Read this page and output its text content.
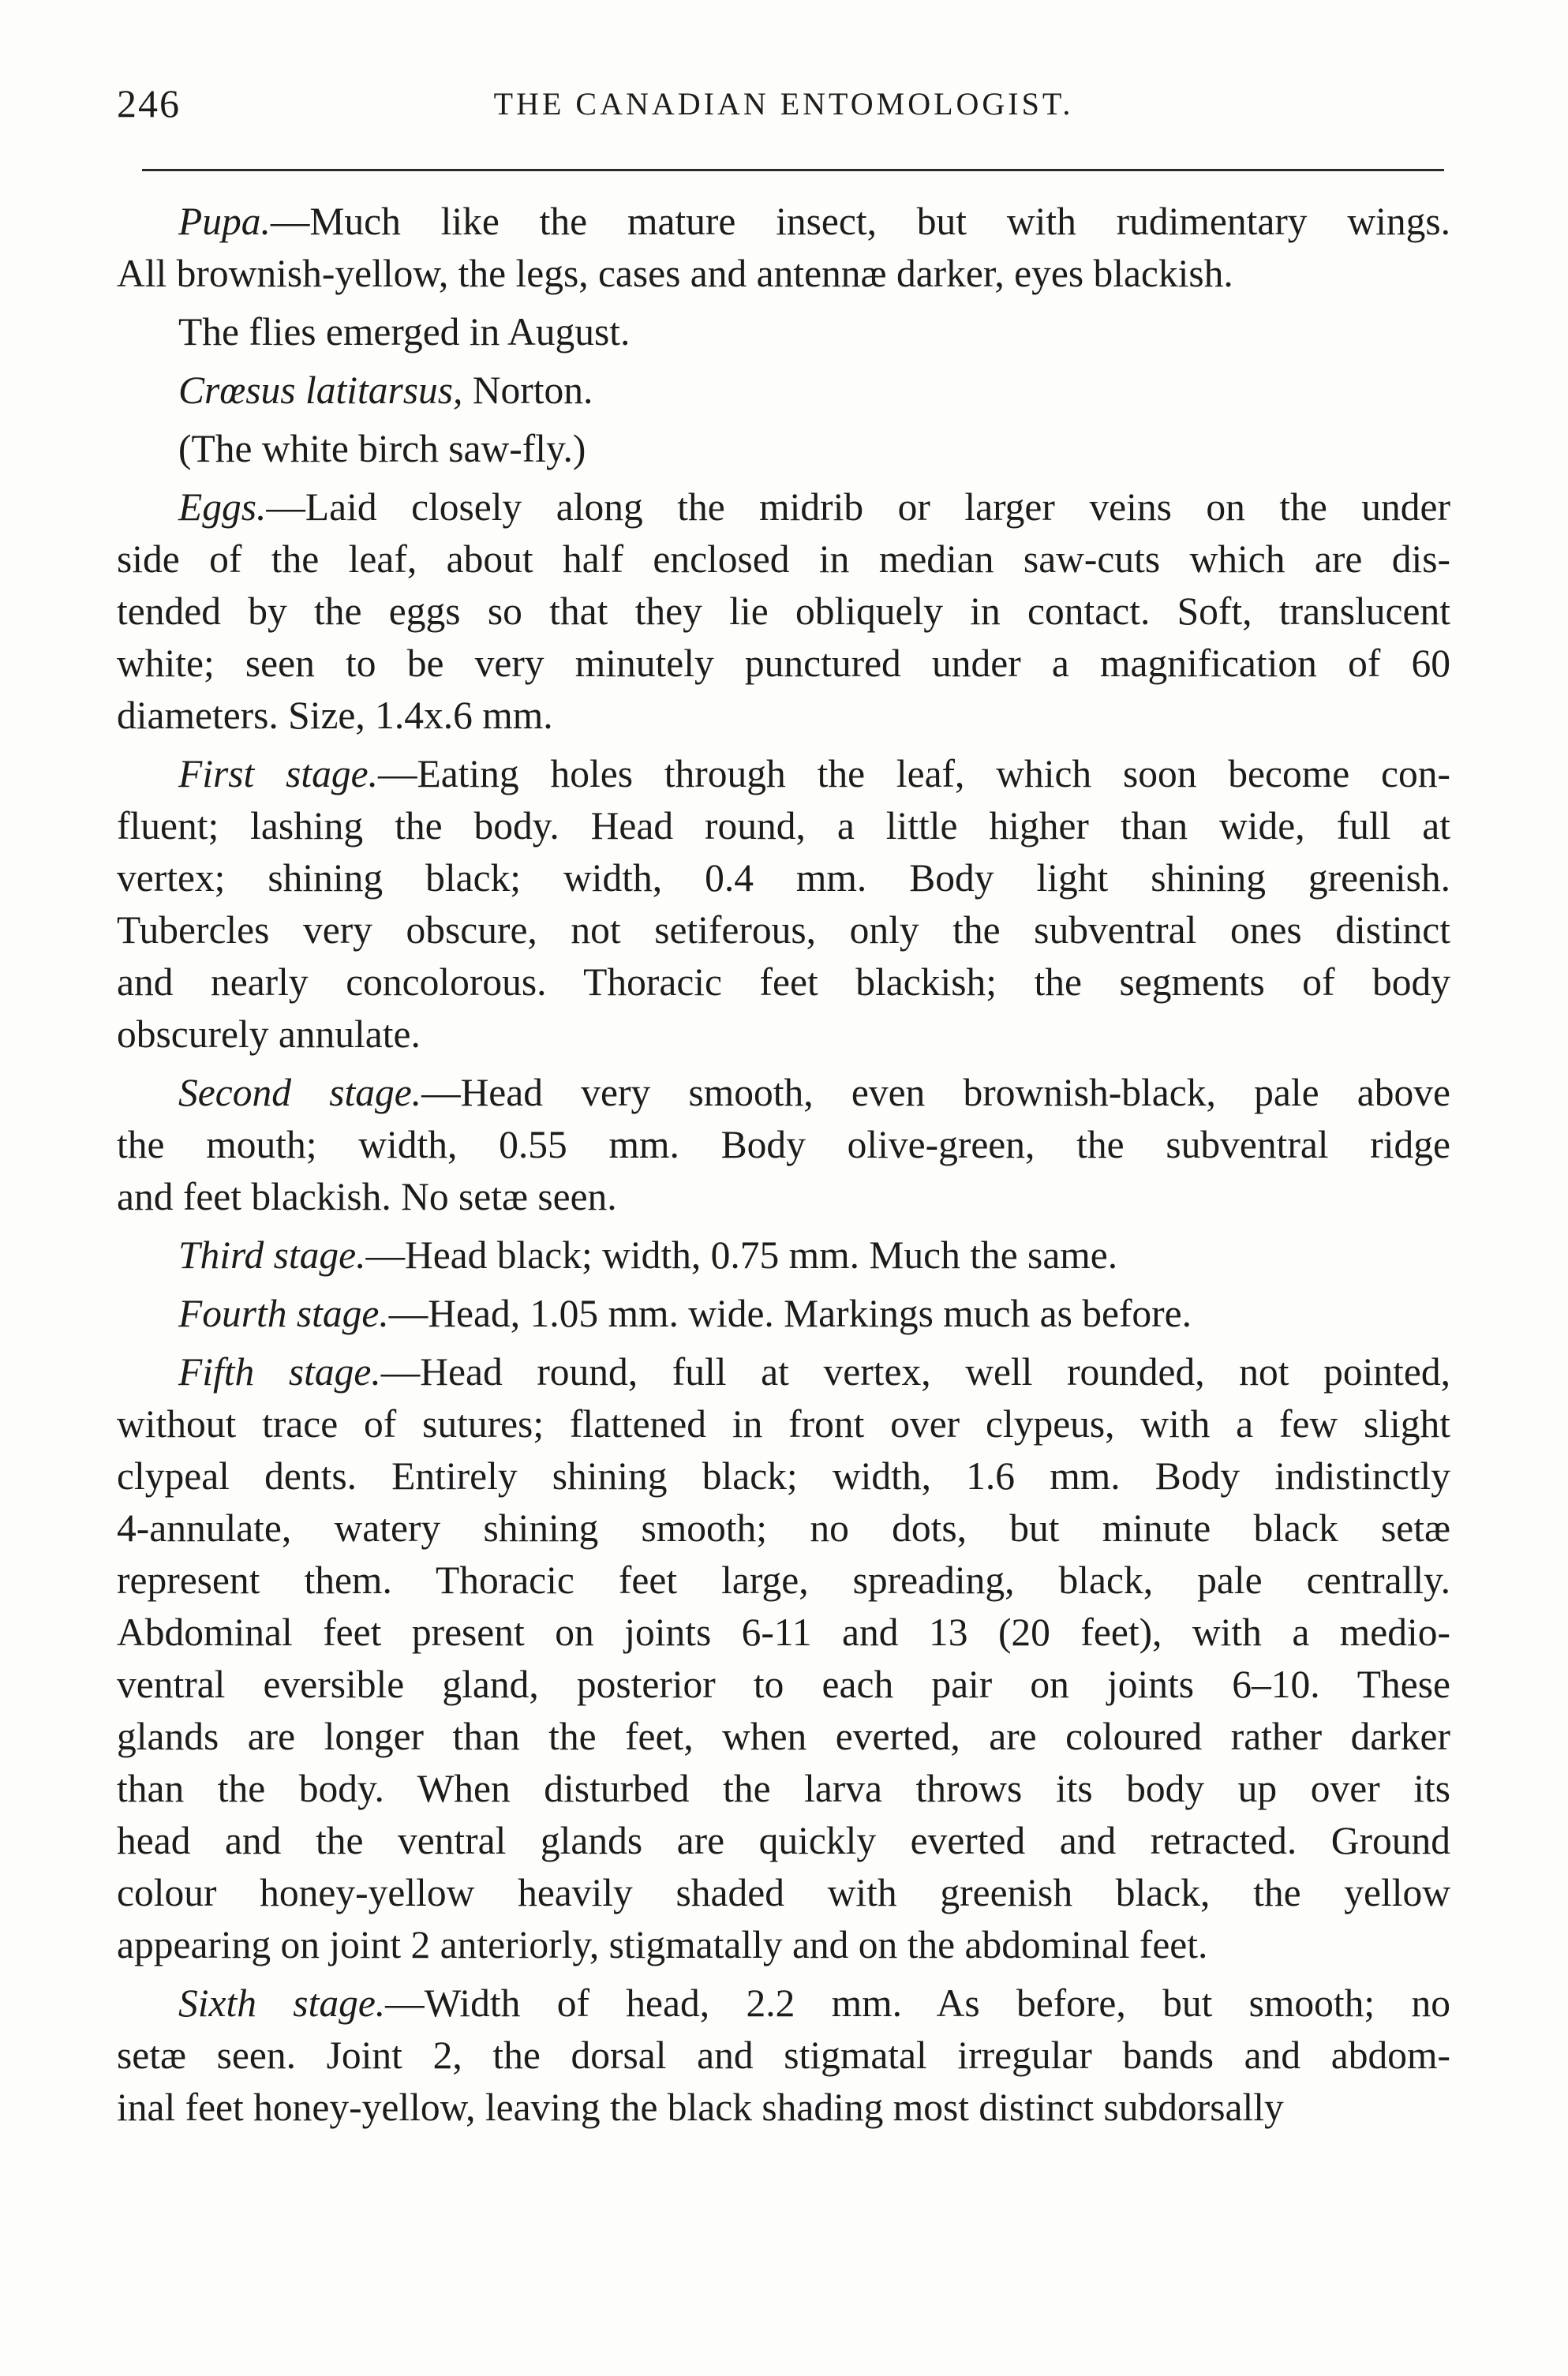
246	THE CANADIAN ENTOMOLOGIST.
Pupa.—Much like the mature insect, but with rudimentary wings.
All brownish-yellow, the legs, cases and antennæ darker, eyes blackish.
The flies emerged in August.
Crœsus latitarsus, Norton.
(The white birch saw-fly.)
Eggs.—Laid closely along the midrib or larger veins on the under
side of the leaf, about half enclosed in median saw-cuts which are dis-
tended by the eggs so that they lie obliquely in contact. Soft, translucent
white; seen to be very minutely punctured under a magnification of 60
diameters. Size, 1.4x.6 mm.
First stage.—Eating holes through the leaf, which soon become con-
fluent; lashing the body. Head round, a little higher than wide, full at
vertex; shining black; width, 0.4 mm. Body light shining greenish.
Tubercles very obscure, not setiferous, only the subventral ones distinct
and nearly concolorous. Thoracic feet blackish; the segments of body
obscurely annulate.
Second stage.—Head very smooth, even brownish-black, pale above
the mouth; width, 0.55 mm. Body olive-green, the subventral ridge
and feet blackish. No setæ seen.
Third stage.—Head black; width, 0.75 mm. Much the same.
Fourth stage.—Head, 1.05 mm. wide. Markings much as before.
Fifth stage.—Head round, full at vertex, well rounded, not pointed,
without trace of sutures; flattened in front over clypeus, with a few slight
clypeal dents. Entirely shining black; width, 1.6 mm. Body indistinctly
4-annulate, watery shining smooth; no dots, but minute black setæ
represent them. Thoracic feet large, spreading, black, pale centrally.
Abdominal feet present on joints 6-11 and 13 (20 feet), with a medio-
ventral eversible gland, posterior to each pair on joints 6–10. These
glands are longer than the feet, when everted, are coloured rather darker
than the body. When disturbed the larva throws its body up over its
head and the ventral glands are quickly everted and retracted. Ground
colour honey-yellow heavily shaded with greenish black, the yellow
appearing on joint 2 anteriorly, stigmatally and on the abdominal feet.
Sixth stage.—Width of head, 2.2 mm. As before, but smooth; no
setæ seen. Joint 2, the dorsal and stigmatal irregular bands and abdom-
inal feet honey-yellow, leaving the black shading most distinct subdorsally
